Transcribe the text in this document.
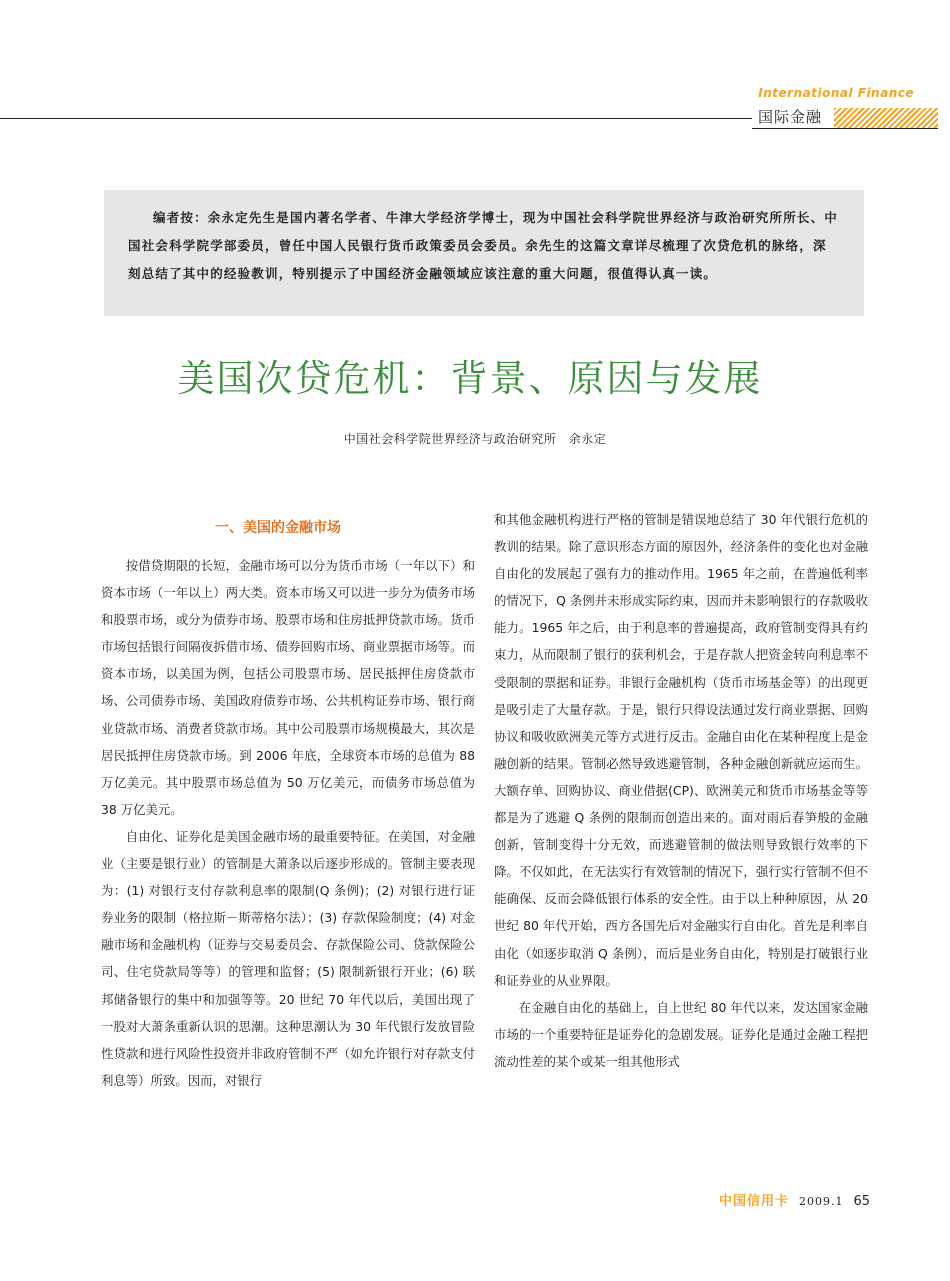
International Finance
国际金融

编者按：余永定先生是国内著名学者、牛津大学经济学博士，现为中国社会科学院世界经济与政治研究所所长、中国社会科学院学部委员，曾任中国人民银行货币政策委员会委员。余先生的这篇文章详尽梳理了次贷危机的脉络，深刻总结了其中的经验教训，特别提示了中国经济金融领域应该注意的重大问题，很值得认真一读。

美国次贷危机：背景、原因与发展
中国社会科学院世界经济与政治研究所　余永定
一、美国的金融市场

按借贷期限的长短，金融市场可以分为货币市场（一年以下）和资本市场（一年以上）两大类。资本市场又可以进一步分为债务市场和股票市场，或分为债券市场、股票市场和住房抵押贷款市场。货币市场包括银行间隔夜拆借市场、债券回购市场、商业票据市场等。而资本市场，以美国为例，包括公司股票市场、居民抵押住房贷款市场、公司债券市场、美国政府债券市场、公共机构证券市场、银行商业贷款市场、消费者贷款市场。其中公司股票市场规模最大，其次是居民抵押住房贷款市场。到 2006 年底，全球资本市场的总值为 88 万亿美元。其中股票市场总值为 50 万亿美元，而债务市场总值为 38 万亿美元。

自由化、证券化是美国金融市场的最重要特征。在美国，对金融业（主要是银行业）的管制是大萧条以后逐步形成的。管制主要表现为：(1) 对银行支付存款利息率的限制(Q 条例)；(2) 对银行进行证券业务的限制（格拉斯－斯蒂格尔法）；(3) 存款保险制度；(4) 对金融市场和金融机构（证券与交易委员会、存款保险公司、贷款保险公司、住宅贷款局等等）的管理和监督；(5) 限制新银行开业；(6) 联邦储备银行的集中和加强等等。20 世纪 70 年代以后，美国出现了一股对大萧条重新认识的思潮。这种思潮认为 30 年代银行发放冒险性贷款和进行风险性投资并非政府管制不严（如允许银行对存款支付利息等）所致。因而，对银行

和其他金融机构进行严格的管制是错误地总结了 30 年代银行危机的教训的结果。除了意识形态方面的原因外，经济条件的变化也对金融自由化的发展起了强有力的推动作用。1965 年之前，在普遍低利率的情况下，Q 条例并未形成实际约束，因而并未影响银行的存款吸收能力。1965 年之后，由于利息率的普遍提高，政府管制变得具有约束力，从而限制了银行的获利机会，于是存款人把资金转向利息率不受限制的票据和证券。非银行金融机构（货币市场基金等）的出现更是吸引走了大量存款。于是，银行只得设法通过发行商业票据、回购协议和吸收欧洲美元等方式进行反击。金融自由化在某种程度上是金融创新的结果。管制必然导致逃避管制，各种金融创新就应运而生。大额存单、回购协议、商业借据(CP)、欧洲美元和货币市场基金等等都是为了逃避 Q 条例的限制而创造出来的。面对雨后春笋般的金融创新，管制变得十分无效，而逃避管制的做法则导致银行效率的下降。不仅如此，在无法实行有效管制的情况下，强行实行管制不但不能确保、反而会降低银行体系的安全性。由于以上种种原因，从 20 世纪 80 年代开始，西方各国先后对金融实行自由化。首先是利率自由化（如逐步取消 Q 条例），而后是业务自由化，特别是打破银行业和证券业的从业界限。

在金融自由化的基础上，自上世纪 80 年代以来，发达国家金融市场的一个重要特征是证券化的急剧发展。证券化是通过金融工程把流动性差的某个或某一组其他形式

中国信用卡 2009.1 65
